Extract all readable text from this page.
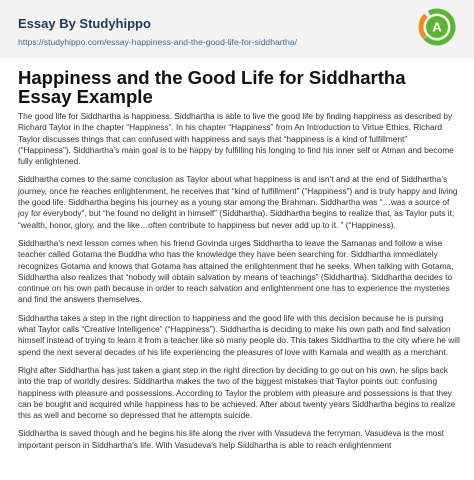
Essay By Studyhippo
https://studyhippo.com/essay-happiness-and-the-good-life-for-siddhartha/
A
Happiness and the Good Life for Siddhartha Essay Example

The good life for Siddhartha is happiness. Siddhartha is able to live the good life by finding happiness as described by Richard Taylor in the chapter “Happiness”. In his chapter “Happiness” from An Introduction to Virtue Ethics, Richard Taylor discusses things that can confused with happiness and says that “happiness is a kind of fulfillment” (“Happiness”). Siddhartha’s main goal is to be happy by fulfilling his longing to find his inner self or Atman and become fully enlightened.

Siddhartha comes to the same conclusion as Taylor about what happiness is and isn’t and at the end of Siddhartha’s journey, once he reaches enlightenment, he receives that “kind of fulfillment” (“Happiness”) and is truly happy and living the good life. Siddhartha begins his journey as a young star among the Brahman. Siddhartha was “…was a source of joy for everybody”, but “he found no delight in himself” (Siddhartha). Siddhartha begins to realize that, as Taylor puts it, “wealth, honor, glory, and the like…often contribute to happiness but never add up to it. ” (“Happiness).

Siddhartha’s next lesson comes when his friend Govinda urges Siddhartha to leave the Samanas and follow a wise teacher called Gotama the Buddha who has the knowledge they have been searching for. Siddhartha immediately recognizes Gotama and knows that Gotama has attained the enlightenment that he seeks. When talking with Gotama, Siddhartha also realizes that “nobody will obtain salvation by means of teachings” (Siddhartha). Siddhartha decides to continue on his own path because in order to reach salvation and enlightenment one has to experience the mysteries and find the answers themselves.

Siddhartha takes a step in the right direction to happiness and the good life with this decision because he is pursing what Taylor calls “Creative Intelligence” (“Happiness”). Siddhartha is deciding to make his own path and find salvation himself instead of trying to learn it from a teacher like so many people do. This takes Siddhartha to the city where he will spend the next several decades of his life experiencing the pleasures of love with Kamala and wealth as a merchant.

Right after Siddhartha has just taken a giant step in the right direction by deciding to go out on his own, he slips back into the trap of worldly desires. Siddhartha makes the two of the biggest mistakes that Taylor points out: confusing happiness with pleasure and possessions. According to Taylor the problem with pleasure and possessions is that they can be bought and acquired while happiness has to be achieved. After about twenty years Siddhartha begins to realize this as well and become so depressed that he attempts suicide.

Siddhartha is saved though and he begins his life along the river with Vasudeva the ferryman. Vasudeva is the most important person in Siddhartha’s life. With Vasudeva’s help Siddhartha is able to reach enlightenment
